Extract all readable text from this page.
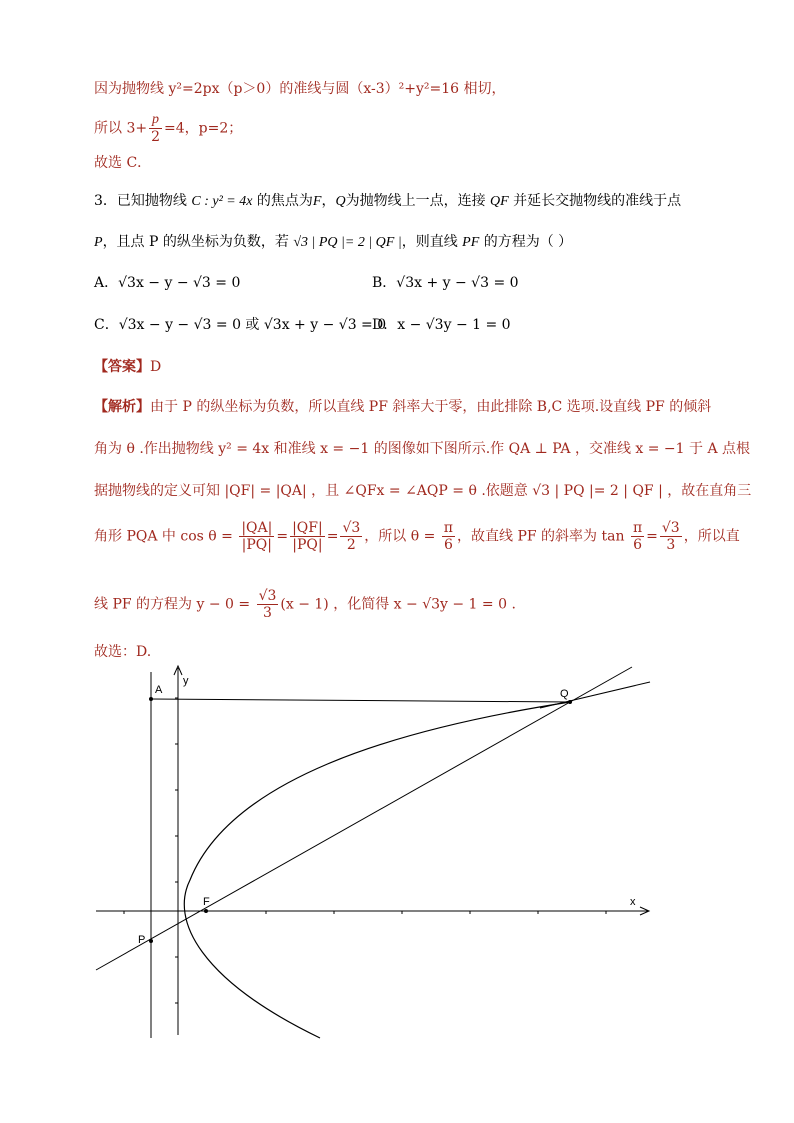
因为抛物线 y²=2px（p＞0）的准线与圆（x-3）²+y²=16 相切，
所以 $3+ \frac{p}{2} =4$，p=2；
故选 C．
3．已知抛物线 C : y² = 4x 的焦点为F，Q为抛物线上一点，连接 QF 并延长交抛物线的准线于点
P，且点 P 的纵坐标为负数，若 √3 | PQ |= 2 | QF |，则直线 PF 的方程为（ ）
A．√3x − y − √3 = 0	B．√3x + y − √3 = 0
C．√3x − y − √3 = 0 或 √3x + y − √3 = 0
D．x − √3y − 1 = 0
【答案】D
【解析】由于 P 的纵坐标为负数，所以直线 PF 斜率大于零，由此排除 B,C 选项.设直线 PF 的倾斜
角为 θ .作出抛物线 y² = 4x 和准线 x = −1 的图像如下图所示.作 QA ⊥ PA ，交准线 x = −1 于 A 点根
据抛物线的定义可知 |QF| = |QA| ，且 ∠QFx = ∠AQP = θ .依题意 √3 | PQ |= 2 | QF | ，故在直角三
角形 PQA 中 $\cos \theta = \frac{|QA|}{|PQ|} = \frac{|QF|}{|PQ|} = \frac{√3}{2}$ ，所以 $\theta = \frac{\pi}{6}$ ，故直线 PF 的斜率为 $\tan \frac{\pi}{6} = \frac{√3}{3}$ ，所以直
线 PF 的方程为 $y - 0 = \frac{√3}{3} (x - 1)$ ，化简得 x − √3y − 1 = 0 .
故选：D.
A
y
Q
F	x
P
